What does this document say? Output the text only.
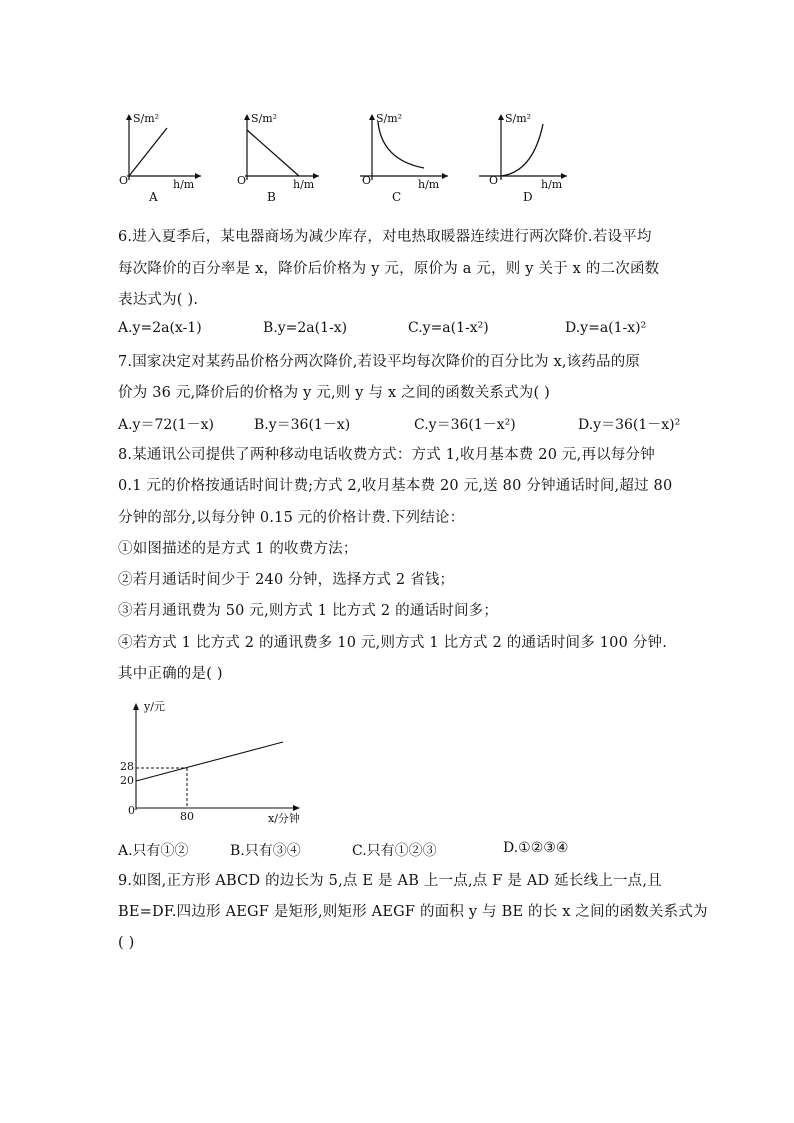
S/m²
O	h/m
A
S/m²
O	h/m
B
S/m²
O	h/m
C
S/m²
O	h/m
D
6.进入夏季后，某电器商场为减少库存，对电热取暖器连续进行两次降价.若设平均
每次降价的百分率是 x，降价后价格为 y 元，原价为 a 元，则 y 关于 x 的二次函数
表达式为( ).
A.y=2a(x-1)	B.y=2a(1-x)	C.y=a(1-x²)	D.y=a(1-x)²
7.国家决定对某药品价格分两次降价,若设平均每次降价的百分比为 x,该药品的原
价为 36 元,降价后的价格为 y 元,则 y 与 x 之间的函数关系式为( )
A.y＝72(1－x)	B.y＝36(1－x)	C.y＝36(1－x²)	D.y＝36(1－x)²
8.某通讯公司提供了两种移动电话收费方式：方式 1,收月基本费 20 元,再以每分钟
0.1 元的价格按通话时间计费;方式 2,收月基本费 20 元,送 80 分钟通话时间,超过 80
分钟的部分,以每分钟 0.15 元的价格计费.下列结论：
①如图描述的是方式 1 的收费方法；
②若月通话时间少于 240 分钟，选择方式 2 省钱；
③若月通讯费为 50 元,则方式 1 比方式 2 的通话时间多；
④若方式 1 比方式 2 的通讯费多 10 元,则方式 1 比方式 2 的通话时间多 100 分钟.
其中正确的是( )
y/元
28
20
0	80	x/分钟
A.只有①②	B.只有③④	C.只有①②③	D.①②③④
9.如图,正方形 ABCD 的边长为 5,点 E 是 AB 上一点,点 F 是 AD 延长线上一点,且
BE=DF.四边形 AEGF 是矩形,则矩形 AEGF 的面积 y 与 BE 的长 x 之间的函数关系式为
( )
